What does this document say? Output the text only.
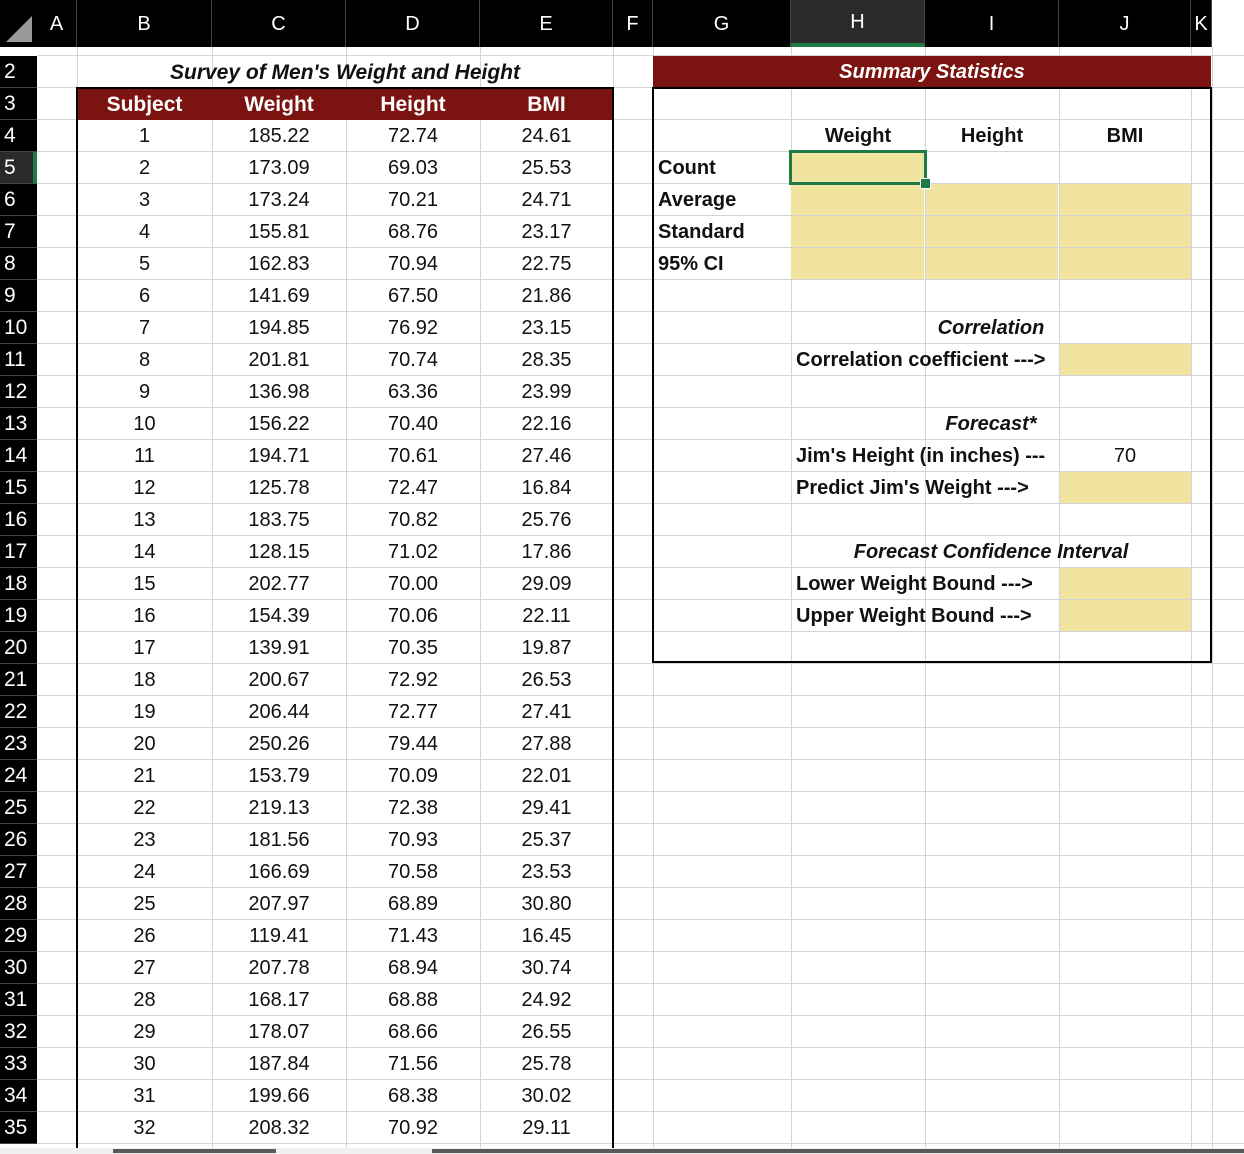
A	B	C	D	E	F	G	H	I	J	K
2
3
4
5
6
7
8
9
10
11
12
13
14
15
16
17
18
19
20
21
22
23
24
25
26
27
28
29
30
31
32
33
34
35
Survey of Men's Weight and Height
Subject	Weight	Height	BMI
1	185.22	72.74	24.61
2	173.09	69.03	25.53
3	173.24	70.21	24.71
4	155.81	68.76	23.17
5	162.83	70.94	22.75
6	141.69	67.50	21.86
7	194.85	76.92	23.15
8	201.81	70.74	28.35
9	136.98	63.36	23.99
10	156.22	70.40	22.16
11	194.71	70.61	27.46
12	125.78	72.47	16.84
13	183.75	70.82	25.76
14	128.15	71.02	17.86
15	202.77	70.00	29.09
16	154.39	70.06	22.11
17	139.91	70.35	19.87
18	200.67	72.92	26.53
19	206.44	72.77	27.41
20	250.26	79.44	27.88
21	153.79	70.09	22.01
22	219.13	72.38	29.41
23	181.56	70.93	25.37
24	166.69	70.58	23.53
25	207.97	68.89	30.80
26	119.41	71.43	16.45
27	207.78	68.94	30.74
28	168.17	68.88	24.92
29	178.07	68.66	26.55
30	187.84	71.56	25.78
31	199.66	68.38	30.02
32	208.32	70.92	29.11
Summary Statistics
Weight	Height	BMI
Count
Average
Standard
95% CI
Correlation
Correlation coefficient --->
Forecast*
Jim's Height (in inches) ---	70
Predict Jim's Weight --->
Forecast Confidence Interval
Lower Weight Bound --->
Upper Weight Bound --->
